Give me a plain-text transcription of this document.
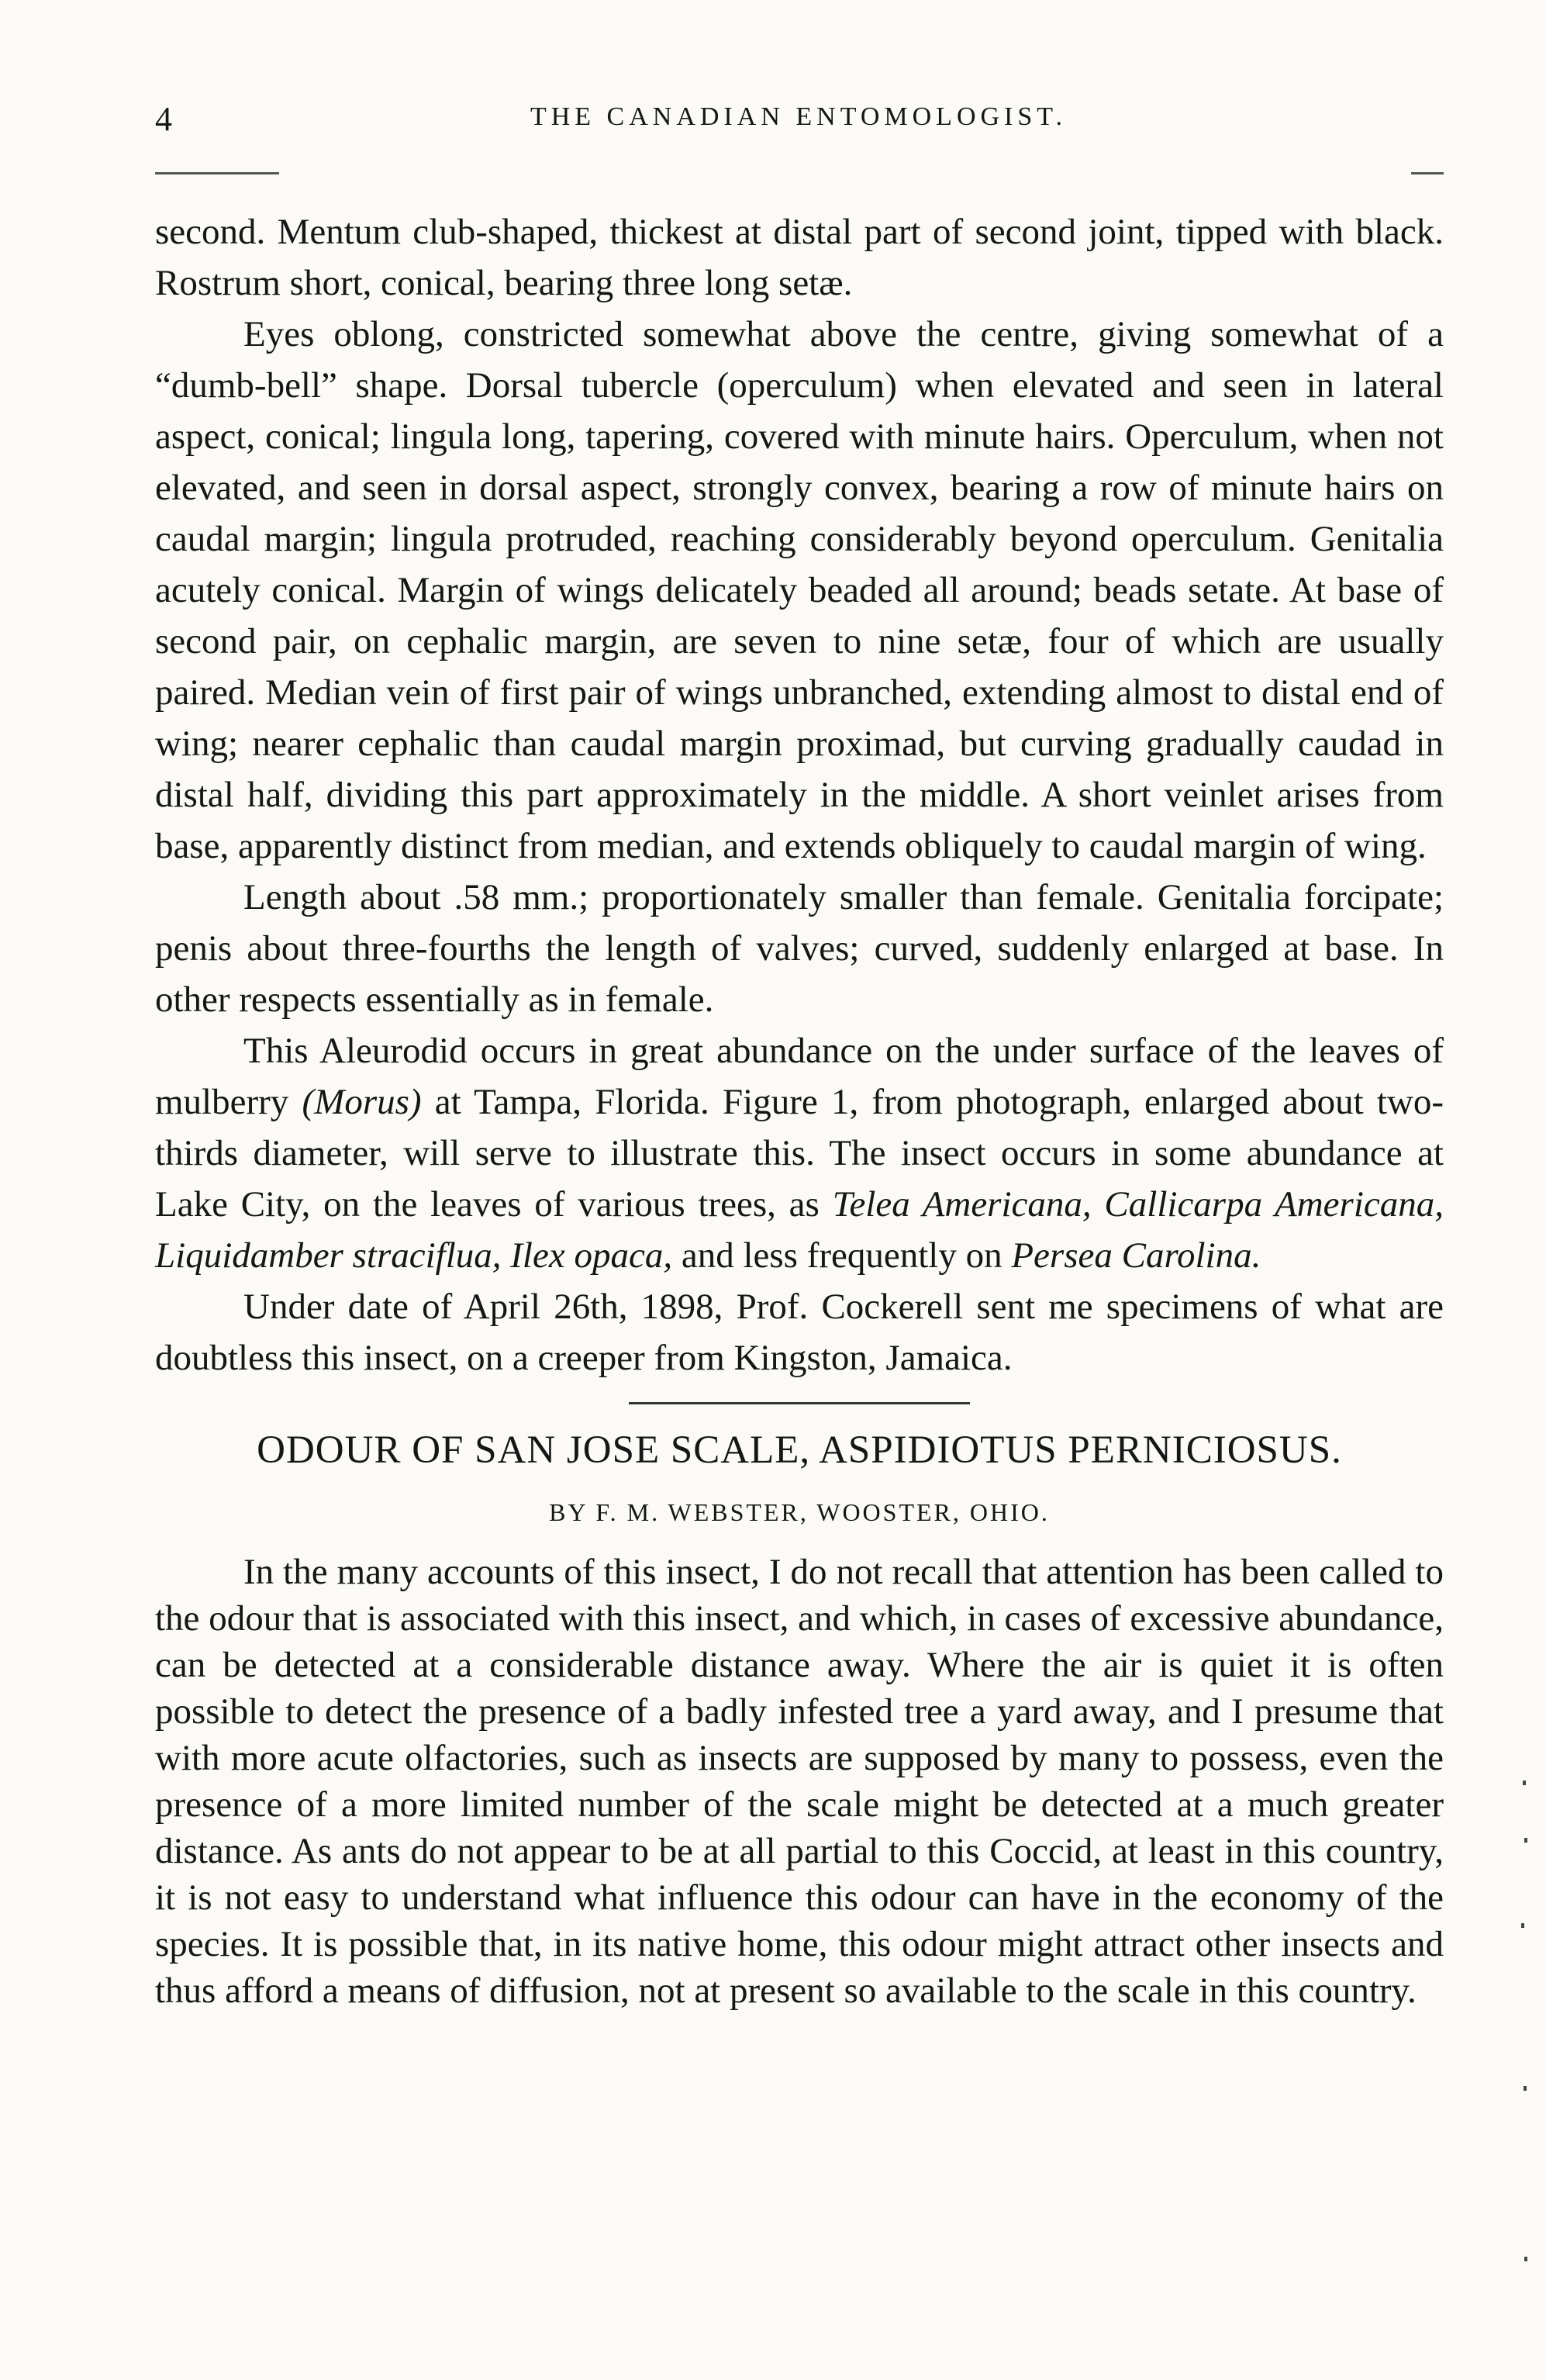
4	THE CANADIAN ENTOMOLOGIST.

second. Mentum club-shaped, thickest at distal part of second joint, tipped with black. Rostrum short, conical, bearing three long setæ.

Eyes oblong, constricted somewhat above the centre, giving somewhat of a “dumb-bell” shape. Dorsal tubercle (operculum) when elevated and seen in lateral aspect, conical; lingula long, tapering, covered with minute hairs. Operculum, when not elevated, and seen in dorsal aspect, strongly convex, bearing a row of minute hairs on caudal margin; lingula protruded, reaching considerably beyond operculum. Genitalia acutely conical. Margin of wings delicately beaded all around; beads setate. At base of second pair, on cephalic margin, are seven to nine setæ, four of which are usually paired. Median vein of first pair of wings unbranched, extending almost to distal end of wing; nearer cephalic than caudal margin proximad, but curving gradually caudad in distal half, dividing this part approximately in the middle. A short veinlet arises from base, apparently distinct from median, and extends obliquely to caudal margin of wing.

Length about .58 mm.; proportionately smaller than female. Genitalia forcipate; penis about three-fourths the length of valves; curved, suddenly enlarged at base. In other respects essentially as in female.

This Aleurodid occurs in great abundance on the under surface of the leaves of mulberry (Morus) at Tampa, Florida. Figure 1, from photograph, enlarged about two-thirds diameter, will serve to illustrate this. The insect occurs in some abundance at Lake City, on the leaves of various trees, as Telea Americana, Callicarpa Americana, Liquidamber straciflua, Ilex opaca, and less frequently on Persea Carolina.

Under date of April 26th, 1898, Prof. Cockerell sent me specimens of what are doubtless this insect, on a creeper from Kingston, Jamaica.

ODOUR OF SAN JOSE SCALE, ASPIDIOTUS PERNICIOSUS.
BY F. M. WEBSTER, WOOSTER, OHIO.

In the many accounts of this insect, I do not recall that attention has been called to the odour that is associated with this insect, and which, in cases of excessive abundance, can be detected at a considerable distance away. Where the air is quiet it is often possible to detect the presence of a badly infested tree a yard away, and I presume that with more acute olfactories, such as insects are supposed by many to possess, even the presence of a more limited number of the scale might be detected at a much greater distance. As ants do not appear to be at all partial to this Coccid, at least in this country, it is not easy to understand what influence this odour can have in the economy of the species. It is possible that, in its native home, this odour might attract other insects and thus afford a means of diffusion, not at present so available to the scale in this country.
